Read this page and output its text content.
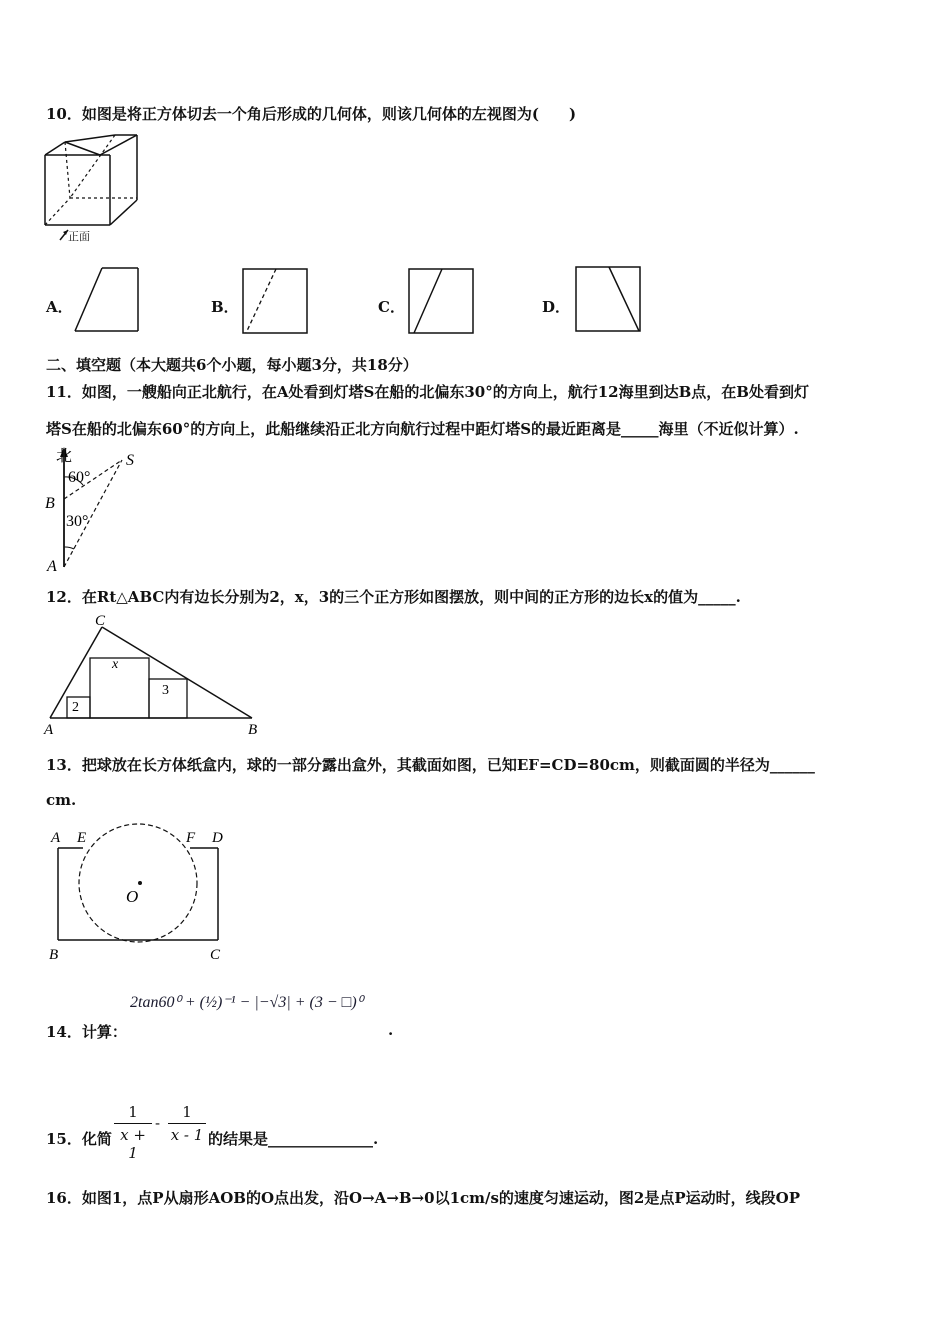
10．如图是将正方体切去一个角后形成的几何体，则该几何体的左视图为(　　)
正面
A．	B．	C．	D．
二、填空题（本大题共6个小题，每小题3分，共18分）
11．如图，一艘船向正北航行，在A处看到灯塔S在船的北偏东30°的方向上，航行12海里到达B点，在B处看到灯
塔S在船的北偏东60°的方向上，此船继续沿正北方向航行过程中距灯塔S的最近距离是_____海里（不近似计算）.
北	S
B
A
60°
30°
12．在Rt△ABC内有边长分别为2，x，3的三个正方形如图摆放，则中间的正方形的边长x的值为_____.
C
A	B
x
2
3
13．把球放在长方体纸盒内，球的一部分露出盒外，其截面如图，已知EF=CD=80cm，则截面圆的半径为______
cm.
A E	F D
O
B	C
2tan60⁰ + (½)⁻¹ − |−√3| + (3 − □)⁰
14．计算：	.
15．化简 $\frac{1}{x + 1} - \frac{1}{x - 1}$ 的结果是______________.
16．如图1，点P从扇形AOB的O点出发，沿O→A→B→0以1cm/s的速度匀速运动，图2是点P运动时，线段OP
